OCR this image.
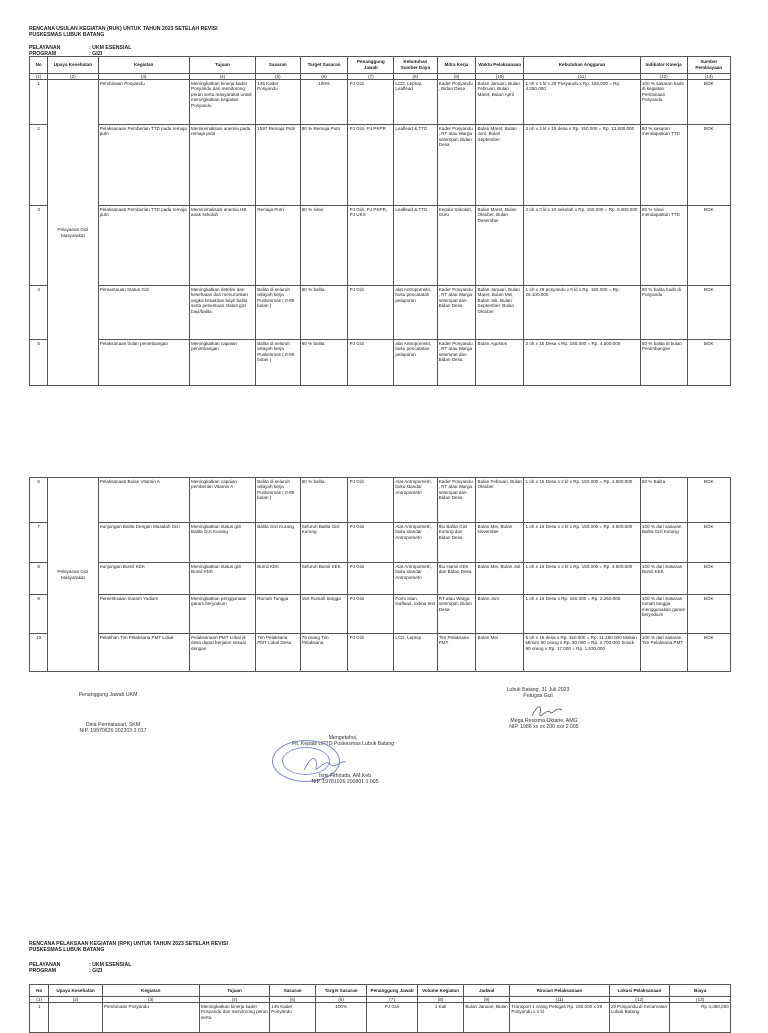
RENCANA USULAN KEGIATAN (RUK) UNTUK TAHUN 2023 SETELAH REVISI
PUSKESMAS LUBUK BATANG
PELAYANAN	: UKM ESENSIAL
PROGRAM	: GIZI
No	Upaya Kesehatan	Kegiatan	Tujuan	Sasaran	Target Sasaran	Penanggung Jawab	Kebutuhan Sumber Daya	Mitra Kerja	Waktu Pelaksanaan	Kebutuhan Anggaran	Indikator Kinerja	Sumber Pembiayaan
(1)	(2)	(3)	(4)	(5)	(6)	(7)	(8)	(9)	(10)	(11)	(12)	(13)
1	Pelayanan Gizi Masyarakat	Pembinaan Posyandu	Meningkatkan kinerja kader Posyandu dan mendorong peran serta masyarakat untuk meningkatkan kegiatan Posyandu	145 Kader Posyandu	100%	PJ Gizi	LCD, Leptop, Leaflead	Kader Posyandu , Bidan Desa	Bulan Januari, Bulan Februari, Bulan Maret, Bulan April	1 oh x 1 kl x 29 Posyandu x Rp. 150.000 = Rp. 4.350.000	100 % sasaran hadir di kegiatan Pembinaan Posyandu	BOK
2		Pelaksanaan Pemberian TTD pada remaja putri	Meminimalisasi anemia pada remaja putri	1597 Remaja Putri	80 % Remaja Putri	PJ Gizi, PJ PKPR	Leaflead & TTD	Kader Posyandu , RT atau Warga setempat, Bidan Desa	Bulan Maret, Bulan Juni, Bulan September	2 oh x 3 kl x 15 desa x Rp. 150.000 = Rp. 13.500.000	80 % sasaran mendapatkan TTD	BOK
3		Pelaksanaan Pemberian TTD pada remaja putri	Meminimalisasi anemia HB anak sekolah	Remaja Putri	80 % siswi	PJ Gizi, PJ PKPR, PJ UKS	Leaflead & TTD	Kepala Sekolah, Guru	Bulan Maret, Bulan Oktober, Bulan Desember	2 oh x 3 kl x 10 sekolah x Rp. 150.000 = Rp. 9.000.000	80 % siswi mendapatkan TTD	BOK
4		Pemantauan Status Gizi	Meningkatkan deteksi dan kesehatan dan menurunkan angka kesakitan bayi/ balita serta penentuan status gizi bayi/balita	Balita di seluruh wilayah kerja Puskesmas ( 0-59 bulan )	80 % balita	PJ Gizi	alat Antropometri, buku pencatatan pelaporan	Kader Posyandu , RT atau Warga setempat dan Bidan Desa	Bulan Januari, Bulan Maret, Bulan Mei, Bulan Juli, Bulan September, Bulan Oktober	1 oh x 29 posyandu x 6 kl x Rp. 150.000 = Rp. 26.100.000	80 % balita hadir di Posyandu	BOK
5		Pelaksanaan bulan penimbangan	Meningkatkan capaian penimbangan	Balita di seluruh wilayah kerja Puskesmas ( 0-59 bulan )	80 % balita	PJ Gizi	alat Antropometri, buku pencatatan pelaporan	Kader Posyandu , RT atau Warga setempat dan Bidan Desa	Bulan Agustus	2 oh x 15 Desa x Rp. 150.000 = Rp. 4.500.000	80 % balita di bulan Penimbangan	BOK
6	Pelayanan Gizi Masyarakat	Pelaksanaan Bulan Vitamin A	Meningkatkan capaian pemberian Vitamin A	Balita di seluruh wilayah kerja Puskesmas ( 0-59 bulan )	80 % balita	PJ Gizi	Alat Antropometri, buku standar Antropometri	Kader Posyandu , RT atau Warga setempat dan Bidan Desa	Bulan Februari, Bulan Oktober	1 oh x 15 Desa x 2 kl x Rp. 150.000 = Rp. 4.500.000	80 % Balita	BOK
7		Kunjungan Balita Dengan Masalah Gizi	Meningkatkan status gizi Balita Gizi Kurang	Balita Gizi Kurang	Seluruh Balita Gizi Kurang	PJ Gizi	Alat Antropometri, buku standar Antropometri	Ibu Balita Gizi Kurang dan Bidan Desa	Bulan Mei, Bulan November	1 oh x 15 Desa x 2 kl x Rp. 150.000 = Rp. 4.500.000	100 % dari sasaran Balita Gizi Kurang	BOK
8		Kunjungan Bumil KEK	Meningkatkan status gizi Bumil KEK	Bumil KEK	Seluruh Bumil KEK	PJ Gizi	Alat Antropometri, buku standar Antropometri	Ibu Hamil KEK dan Bidan Desa	Bulan Mei, Bulan Juli	1 oh x 15 Desa x 2 kl x Rp. 150.000 = Rp. 4.500.000	100 % dari Sasaran Bumil KEK	BOK
9		Pemeriksaan Garam Yodium	Meningkatkan penggunaan garam beryodium	Rumah Tangga	150 Rumah tangga	PJ Gizi	Form isian, leaflead, iodina test	RT atau Warga setempat, Bidan Desa	Bulan Juni	1 oh x 15 Desa x Rp. 150.000 = Rp. 2.250.000	100 % dari Sasaran rumah tangga menggunakan garam beryodium	BOK
10		Pelatihan Tim Pelaksana PMT Lokal	Pelaksanaan PMT Lokal di desa dapat berjalan sesuai dengan	Tim Pelaksana PMT Lokal Desa	75 orang Tim Pelaksana	PJ Gizi	LCD, Leptop	Tim Pelaksana PMT	Bulan Mei	5 oh x 15 desa x Rp. 150.000 = Rp. 11.250.000 Makan Minum 90 orang x Rp. 30.000 = Rp. 2.700.000 Snack 90 orang x Rp. 17.000 = Rp. 1.530.000	100 % dari sasaran Tim Pelaksana PMT	BOK
Penanggung Jawab UKM
Dina Permatasari, SKM
NIP. 19970626 202203 2 017
Lubuk Batang, 31 Juli 2023
Petugas Gizi
Mega Resisma Oktarie, AMG
NIP. 1986 xx xx 200 xxx 2 005
Mengetahui,
Plt. Kepala UPTD Puskesmas Lubuk Batang
Ismi Fithriada, AM.Keb
NIP. 19781026 200801 1 005
RENCANA PELAKSAAN KEGIATAN (RPK) UNTUK TAHUN 2023 SETELAH REVISI
PUSKESMAS LUBUK BATANG
PELAYANAN	: UKM ESENSIAL
PROGRAM	: GIZI
No	Upaya Kesehatan	Kegiatan	Tujuan	Sasaran	Target Sasaran	Penanggung Jawab	Volume Kegiatan	Jadwal	Rincian Pelaksanaan	Lokasi Pelaksanaan	Biaya
(1)	(2)	(3)	(4)	(5)	(6)	(7)	(8)	(9)	(11)	(12)	(13)
1		Pembinaan Posyandu	Meningkatkan kinerja kader Posyandu dan mendorong peran serta	145 Kader Posyandu	100%	PJ Gizi	1 Kali	Bulan Januari, Bulan	Transport 1 orang Petugas Rp. 150.000 x 29 Posyandu x 1 kl	29 Posyandu di Kecamatan Lubuk Batang	Rp 4,350,000
